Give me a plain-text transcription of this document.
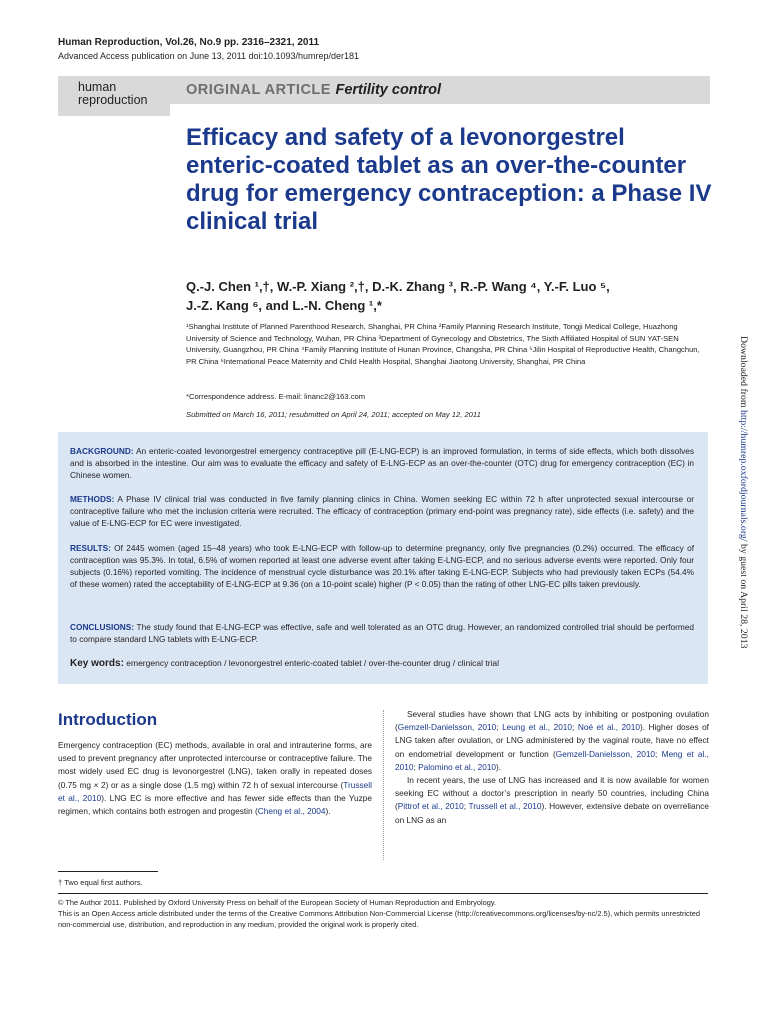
Human Reproduction, Vol.26, No.9 pp. 2316–2321, 2011
Advanced Access publication on June 13, 2011 doi:10.1093/humrep/der181
human
reproduction
ORIGINAL ARTICLE Fertility control
Efficacy and safety of a levonorgestrel enteric-coated tablet as an over-the-counter drug for emergency contraception: a Phase IV clinical trial
Q.-J. Chen ¹,†, W.-P. Xiang ²,†, D.-K. Zhang ³, R.-P. Wang ⁴, Y.-F. Luo ⁵,
J.-Z. Kang ⁶, and L.-N. Cheng ¹,*
¹Shanghai Institute of Planned Parenthood Research, Shanghai, PR China ²Family Planning Research Institute, Tongji Medical College, Huazhong University of Science and Technology, Wuhan, PR China ³Department of Gynecology and Obstetrics, The Sixth Affiliated Hospital of SUN YAT-SEN University, Guangzhou, PR China ⁴Family Planning Institute of Hunan Province, Changsha, PR China ⁵Jilin Hospital of Reproductive Health, Changchun, PR China ⁶International Peace Maternity and Child Health Hospital, Shanghai Jiaotong University, Shanghai, PR China
*Correspondence address. E-mail: linanc2@163.com
Submitted on March 16, 2011; resubmitted on April 24, 2011; accepted on May 12, 2011

BACKGROUND: An enteric-coated levonorgestrel emergency contraceptive pill (E-LNG-ECP) is an improved formulation, in terms of side effects, which both dissolves and is absorbed in the intestine. Our aim was to evaluate the efficacy and safety of E-LNG-ECP as an over-the-counter (OTC) drug for emergency contraception (EC) in Chinese women.

METHODS: A Phase IV clinical trial was conducted in five family planning clinics in China. Women seeking EC within 72 h after unprotected sexual intercourse or contraceptive failure who met the inclusion criteria were recruited. The efficacy of contraception (primary end-point was pregnancy rate), side effects (i.e. safety) and the value of E-LNG-ECP for EC were investigated.

RESULTS: Of 2445 women (aged 15–48 years) who took E-LNG-ECP with follow-up to determine pregnancy, only five pregnancies (0.2%) occurred. The efficacy of contraception was 95.3%. In total, 6.5% of women reported at least one adverse event after taking E-LNG-ECP, and no serious adverse events were reported. Only four subjects (0.16%) reported vomiting. The incidence of menstrual cycle disturbance was 20.1% after taking E-LNG-ECP. Subjects who had previously taken ECPs (54.4% of these women) rated the acceptability of E-LNG-ECP at 9.36 (on a 10-point scale) higher (P < 0.05) than the rating of other LNG-EC pills taken previously.

CONCLUSIONS: The study found that E-LNG-ECP was effective, safe and well tolerated as an OTC drug. However, an randomized controlled trial should be performed to compare standard LNG tablets with E-LNG-ECP.

Key words: emergency contraception / levonorgestrel enteric-coated tablet / over-the-counter drug / clinical trial
Introduction

Emergency contraception (EC) methods, available in oral and intrauterine forms, are used to prevent pregnancy after unprotected intercourse or contraceptive failure. The most widely used EC drug is levonorgestrel (LNG), taken orally in repeated doses (0.75 mg × 2) or as a single dose (1.5 mg) within 72 h of sexual intercourse (Trussell et al., 2010). LNG EC is more effective and has fewer side effects than the Yuzpe regimen, which contains both estrogen and progestin (Cheng et al., 2004).

Several studies have shown that LNG acts by inhibiting or postponing ovulation (Gemzell-Danielsson, 2010; Leung et al., 2010; Noé et al., 2010). Higher doses of LNG taken after ovulation, or LNG administered by the vaginal route, have no effect on endometrial development or function (Gemzell-Danielsson, 2010; Meng et al., 2010; Palomino et al., 2010).

In recent years, the use of LNG has increased and it is now available for women seeking EC without a doctor’s prescription in nearly 50 countries, including China (Pittrof et al., 2010; Trussell et al., 2010). However, extensive debate on overreliance on LNG as an

† Two equal first authors.
© The Author 2011. Published by Oxford University Press on behalf of the European Society of Human Reproduction and Embryology.
This is an Open Access article distributed under the terms of the Creative Commons Attribution Non-Commercial License (http://creativecommons.org/licenses/by-nc/2.5), which permits unrestricted non-commercial use, distribution, and reproduction in any medium, provided the original work is properly cited.
Downloaded from http://humrep.oxfordjournals.org/ by guest on April 28, 2013
